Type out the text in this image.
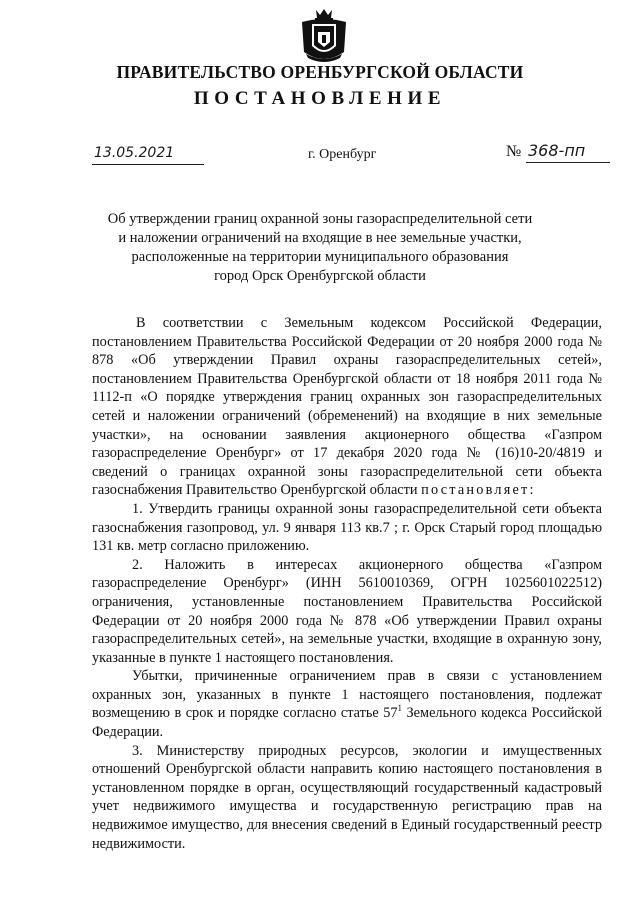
ПРАВИТЕЛЬСТВО ОРЕНБУРГСКОЙ ОБЛАСТИ
ПОСТАНОВЛЕНИЕ
13.05.2021	г. Оренбург	№ 368-пп
Об утверждении границ охранной зоны газораспределительной сети
и наложении ограничений на входящие в нее земельные участки,
расположенные на территории муниципального образования
город Орск Оренбургской области

В соответствии с Земельным кодексом Российской Федерации, постановлением Правительства Российской Федерации от 20 ноября 2000 года № 878 «Об утверждении Правил охраны газораспределительных сетей», постановлением Правительства Оренбургской области от 18 ноября 2011 года № 1112-п «О порядке утверждения границ охранных зон газораспределительных сетей и наложении ограничений (обременений) на входящие в них земельные участки», на основании заявления акционерного общества «Газпром газораспределение Оренбург» от 17 декабря 2020 года № (16)10-20/4819 и сведений о границах охранной зоны газораспределительной сети объекта газоснабжения Правительство Оренбургской области постановляет:

1. Утвердить границы охранной зоны газораспределительной сети объекта газоснабжения газопровод, ул. 9 января 113 кв.7 ; г. Орск Старый город площадью 131 кв. метр согласно приложению.

2. Наложить в интересах акционерного общества «Газпром газораспределение Оренбург» (ИНН 5610010369, ОГРН 1025601022512) ограничения, установленные постановлением Правительства Российской Федерации от 20 ноября 2000 года № 878 «Об утверждении Правил охраны газораспределительных сетей», на земельные участки, входящие в охранную зону, указанные в пункте 1 настоящего постановления.

Убытки, причиненные ограничением прав в связи с установлением охранных зон, указанных в пункте 1 настоящего постановления, подлежат возмещению в срок и порядке согласно статье $57^1$ Земельного кодекса Российской Федерации.

3. Министерству природных ресурсов, экологии и имущественных отношений Оренбургской области направить копию настоящего постановления в установленном порядке в орган, осуществляющий государственный кадастровый учет недвижимого имущества и государственную регистрацию прав на недвижимое имущество, для внесения сведений в Единый государственный реестр недвижимости.
